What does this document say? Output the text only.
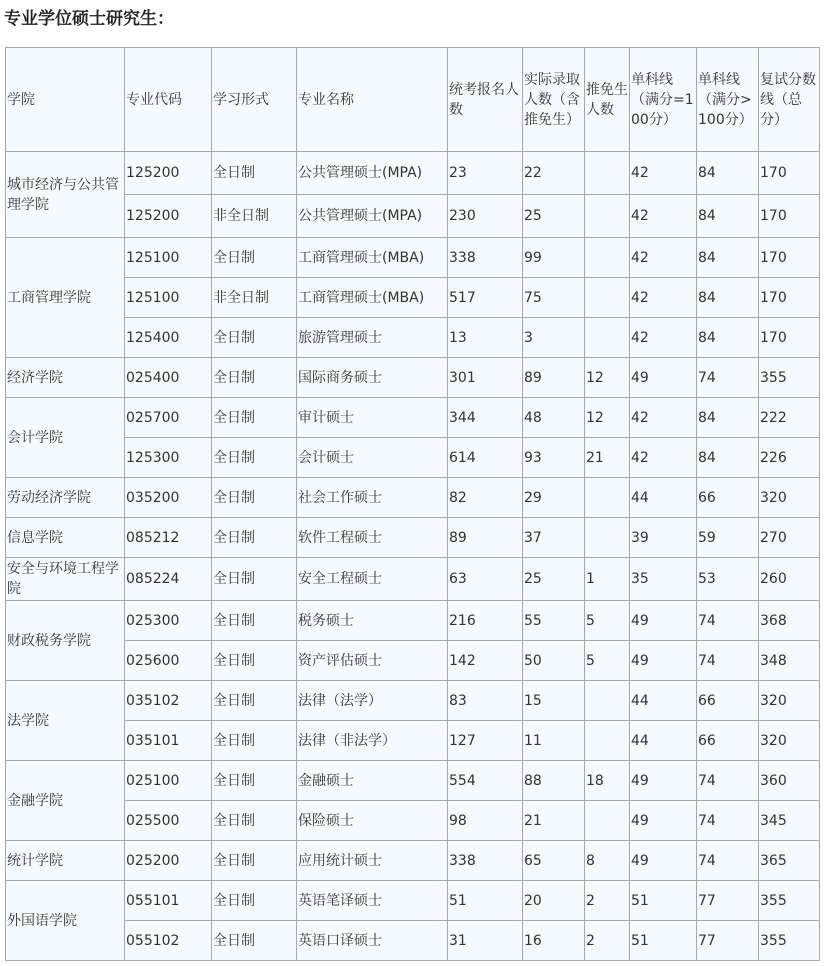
专业学位硕士研究生：
学院	专业代码	学习形式	专业名称	统考报名人数	实际录取人数（含推免生）	推免生人数	单科线（满分=100分）	单科线（满分>100分）	复试分数线（总分）
城市经济与公共管理学院	125200	全日制	公共管理硕士(MPA)	23	22		42	84	170
	125200	非全日制	公共管理硕士(MPA)	230	25		42	84	170
工商管理学院	125100	全日制	工商管理硕士(MBA)	338	99		42	84	170
	125100	非全日制	工商管理硕士(MBA)	517	75		42	84	170
	125400	全日制	旅游管理硕士	13	3		42	84	170
经济学院	025400	全日制	国际商务硕士	301	89	12	49	74	355
会计学院	025700	全日制	审计硕士	344	48	12	42	84	222
	125300	全日制	会计硕士	614	93	21	42	84	226
劳动经济学院	035200	全日制	社会工作硕士	82	29		44	66	320
信息学院	085212	全日制	软件工程硕士	89	37		39	59	270
安全与环境工程学院	085224	全日制	安全工程硕士	63	25	1	35	53	260
财政税务学院	025300	全日制	税务硕士	216	55	5	49	74	368
	025600	全日制	资产评估硕士	142	50	5	49	74	348
法学院	035102	全日制	法律（法学）	83	15		44	66	320
	035101	全日制	法律（非法学）	127	11		44	66	320
金融学院	025100	全日制	金融硕士	554	88	18	49	74	360
	025500	全日制	保险硕士	98	21		49	74	345
统计学院	025200	全日制	应用统计硕士	338	65	8	49	74	365
外国语学院	055101	全日制	英语笔译硕士	51	20	2	51	77	355
	055102	全日制	英语口译硕士	31	16	2	51	77	355
